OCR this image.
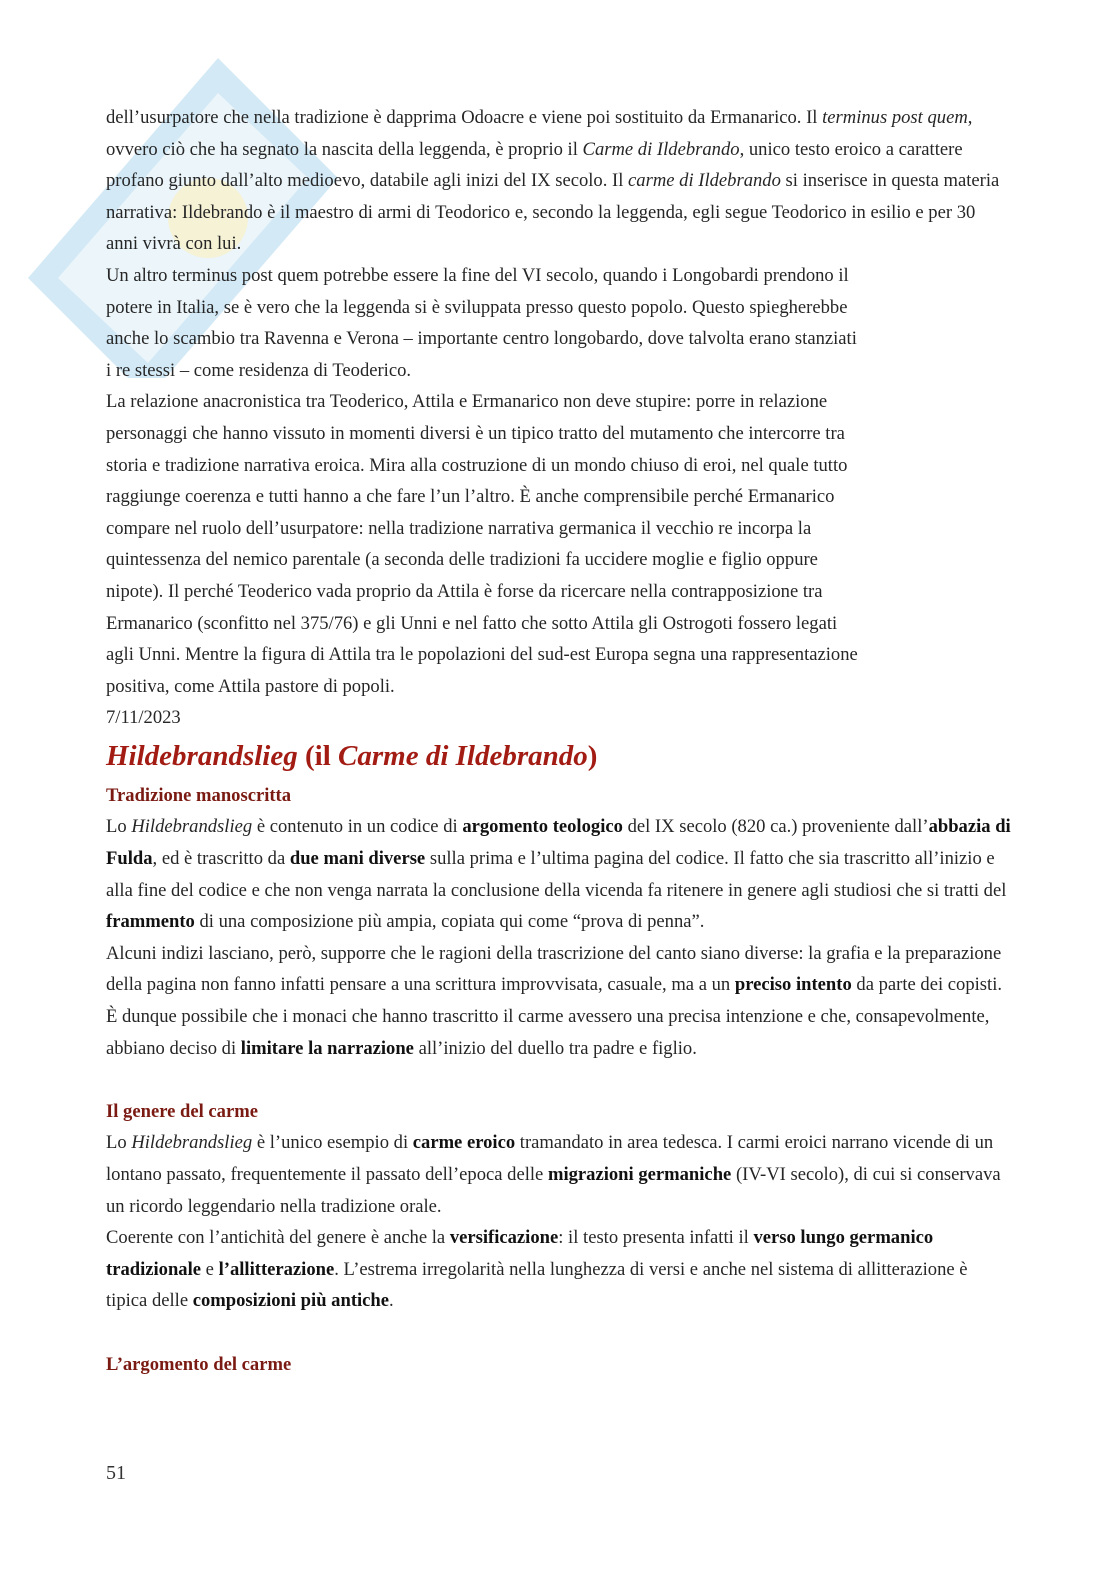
dell’usurpatore che nella tradizione è dapprima Odoacre e viene poi sostituito da Ermanarico. Il terminus post quem, ovvero ciò che ha segnato la nascita della leggenda, è proprio il Carme di Ildebrando, unico testo eroico a carattere profano giunto dall’alto medioevo, databile agli inizi del IX secolo. Il carme di Ildebrando si inserisce in questa materia narrativa: Ildebrando è il maestro di armi di Teodorico e, secondo la leggenda, egli segue Teodorico in esilio e per 30 anni vivrà con lui.

Un altro terminus post quem potrebbe essere la fine del VI secolo, quando i Longobardi prendono il
potere in Italia, se è vero che la leggenda si è sviluppata presso questo popolo. Questo spiegherebbe
anche lo scambio tra Ravenna e Verona – importante centro longobardo, dove talvolta erano stanziati
i re stessi – come residenza di Teoderico.

La relazione anacronistica tra Teoderico, Attila e Ermanarico non deve stupire: porre in relazione
personaggi che hanno vissuto in momenti diversi è un tipico tratto del mutamento che intercorre tra
storia e tradizione narrativa eroica. Mira alla costruzione di un mondo chiuso di eroi, nel quale tutto
raggiunge coerenza e tutti hanno a che fare l’un l’altro. È anche comprensibile perché Ermanarico
compare nel ruolo dell’usurpatore: nella tradizione narrativa germanica il vecchio re incorpa la
quintessenza del nemico parentale (a seconda delle tradizioni fa uccidere moglie e figlio oppure
nipote). Il perché Teoderico vada proprio da Attila è forse da ricercare nella contrapposizione tra
Ermanarico (sconfitto nel 375/76) e gli Unni e nel fatto che sotto Attila gli Ostrogoti fossero legati
agli Unni. Mentre la figura di Attila tra le popolazioni del sud-est Europa segna una rappresentazione
positiva, come Attila pastore di popoli.

7/11/2023

Hildebrandslieg (il Carme di Ildebrando)
Tradizione manoscritta

Lo Hildebrandslieg è contenuto in un codice di argomento teologico del IX secolo (820 ca.) proveniente dall’abbazia di Fulda, ed è trascritto da due mani diverse sulla prima e l’ultima pagina del codice. Il fatto che sia trascritto all’inizio e alla fine del codice e che non venga narrata la conclusione della vicenda fa ritenere in genere agli studiosi che si tratti del frammento di una composizione più ampia, copiata qui come “prova di penna”.

Alcuni indizi lasciano, però, supporre che le ragioni della trascrizione del canto siano diverse: la grafia e la preparazione della pagina non fanno infatti pensare a una scrittura improvvisata, casuale, ma a un preciso intento da parte dei copisti. È dunque possibile che i monaci che hanno trascritto il carme avessero una precisa intenzione e che, consapevolmente, abbiano deciso di limitare la narrazione all’inizio del duello tra padre e figlio.

Il genere del carme

Lo Hildebrandslieg è l’unico esempio di carme eroico tramandato in area tedesca. I carmi eroici narrano vicende di un lontano passato, frequentemente il passato dell’epoca delle migrazioni germaniche (IV-VI secolo), di cui si conservava un ricordo leggendario nella tradizione orale.

Coerente con l’antichità del genere è anche la versificazione: il testo presenta infatti il verso lungo germanico tradizionale e l’allitterazione. L’estrema irregolarità nella lunghezza di versi e anche nel sistema di allitterazione è tipica delle composizioni più antiche.

L’argomento del carme
51
